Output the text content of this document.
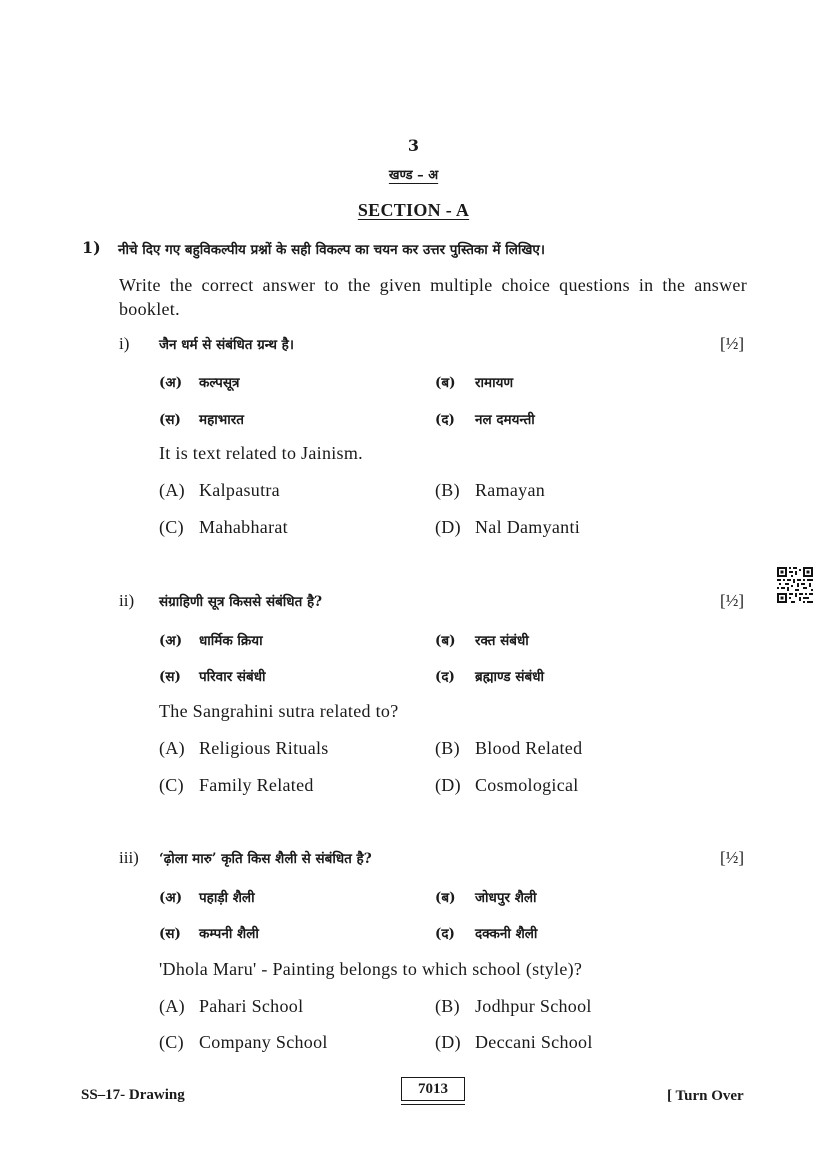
3
खण्ड – अ
SECTION - A
1) नीचे दिए गए बहुविकल्पीय प्रश्नों के सही विकल्प का चयन कर उत्तर पुस्तिका में लिखिए।
Write the correct answer to the given multiple choice questions in the answer booklet.
i) जैन धर्म से संबंधित ग्रन्थ है।	[½]
(अ) कल्पसूत्र	(ब) रामायण
(स) महाभारत	(द) नल दमयन्ती
It is text related to Jainism.
(A) Kalpasutra	(B) Ramayan
(C) Mahabharat	(D) Nal Damyanti
ii) संग्राहिणी सूत्र किससे संबंधित है?	[½]
(अ) धार्मिक क्रिया	(ब) रक्त संबंधी
(स) परिवार संबंधी	(द) ब्रह्माण्ड संबंधी
The Sangrahini sutra related to?
(A) Religious Rituals	(B) Blood Related
(C) Family Related	(D) Cosmological
iii) ‘ढ़ोला मारु’ कृति किस शैली से संबंधित है?	[½]
(अ) पहाड़ी शैली	(ब) जोधपुर शैली
(स) कम्पनी शैली	(द) दक्कनी शैली
'Dhola Maru' - Painting belongs to which school (style)?
(A) Pahari School	(B) Jodhpur School
(C) Company School	(D) Deccani School
SS–17- Drawing	7013	[ Turn Over
